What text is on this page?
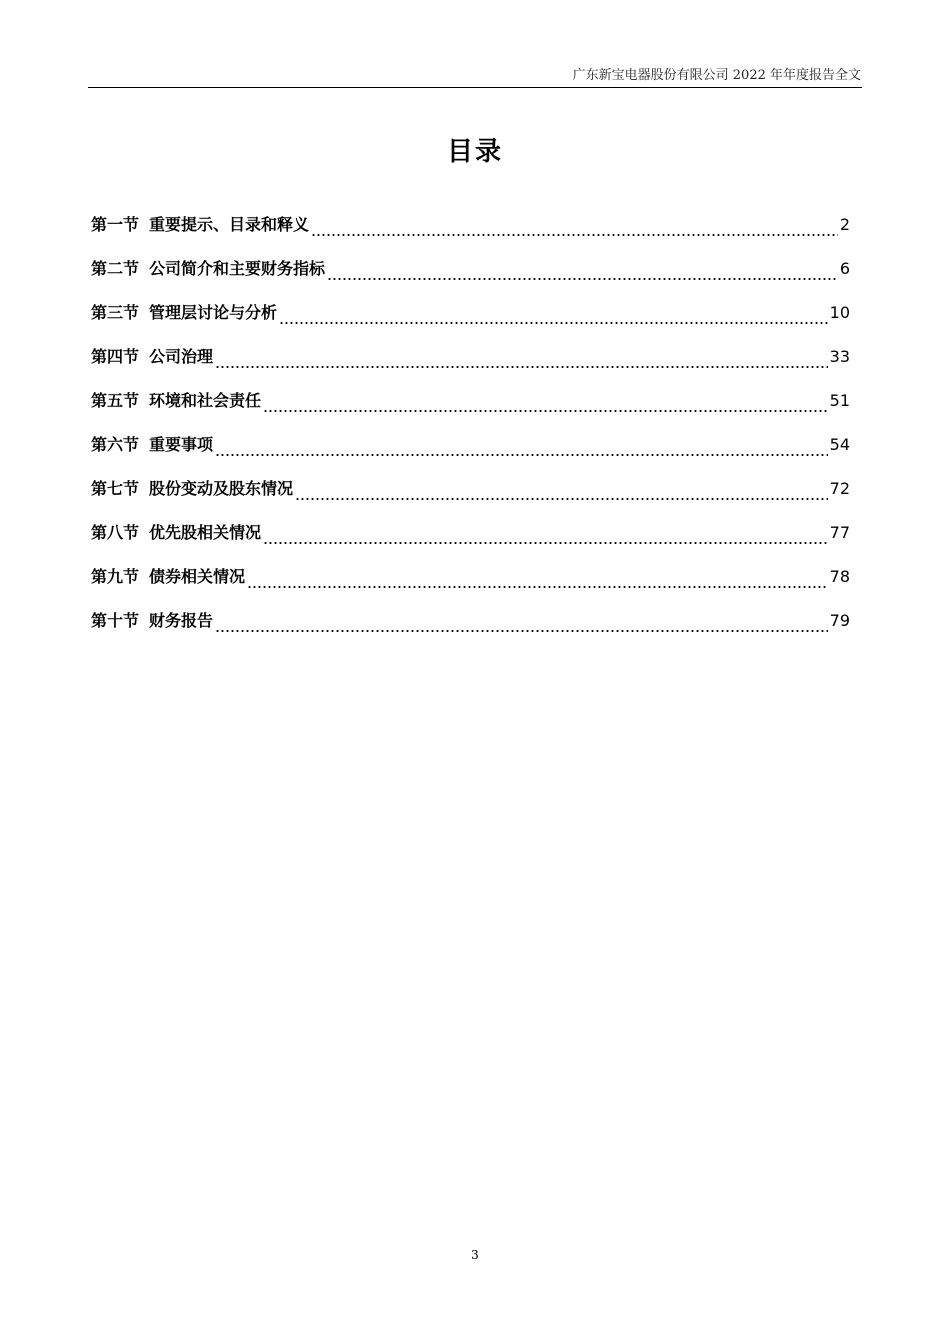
广东新宝电器股份有限公司 2022 年年度报告全文
目录
第一节 重要提示、目录和释义	2
第二节 公司简介和主要财务指标	6
第三节 管理层讨论与分析	10
第四节 公司治理	33
第五节 环境和社会责任	51
第六节 重要事项	54
第七节 股份变动及股东情况	72
第八节 优先股相关情况	77
第九节 债券相关情况	78
第十节 财务报告	79
3
